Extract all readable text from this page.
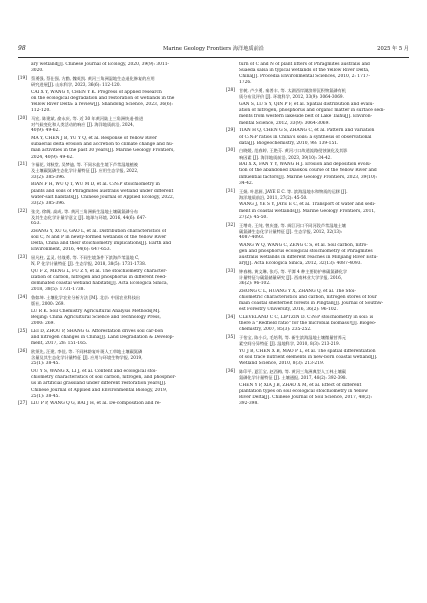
98	Marine Geology Frontiers 海洋地质前沿	2025 年 5 月
ary wetland[J]. Chinese Journal of Ecology, 2020, 39(9): 3011-
3020.
[19] 蔡勇强, 蔡仕强, 方勤, 魏英凯. 黄河三角洲湿地生态退化修复的应用
研究进展[J]. 山东科学, 2023, 36(6): 112-120.
CAI X Y, WANG Y, CHEN Y K. Progress of applied research
on the ecological degradation and restoration of wetlands in the
Yellow River Delta: a review[J]. Shandong Science, 2023, 36(6):
112-120.
[20] 马宏, 陈建斌, 俞永庆, 等. 近 30 年黄河陆上三角洲快退-推进
对气候变化和人类活动的响应 [J]. 海洋地质前沿, 2024,
40(9): 49-62.
MA Y, CHEN J B, YU Y Q, et al. Response of Yellow River
subaerial delta erosion and accretion to climate change and hu-
man activities in the past 30 years[J]. Marine Geology Frontiers,
2024, 40(9): 49-62.
[21] 卞福花, 刘秋堂, 吴梦迪, 等. 不同水盐生境下芦苇湿地植被
及土壤碳氮磷生态化学计量特征 [J]. 应用生态学报, 2022,
33(2): 385-396.
BIAN F H, WU Q T, WU M D, et al. C:N:P stoichiometry in
plants and soils of Phragmites australis wetland under different
water-salt habitats[J]. Chinese Journal of Applied Ecology, 2022,
33(2): 385-396.
[22] 张尖, 徐绸, 高成, 等. 黄河三角洲新生湿地土壤碳氮磷分布
及其生态化学计量学意义 [J]. 地球与环境, 2016, 44(6): 647-
653.
ZHANG Y, XU G, GAO L, et al. Distribution characteristics of
soil C, N and P in newly-formed wetlands of the Yellow River
Delta, China and their stoichiometry implications[J]. Earth and
Environment, 2016, 44(6): 647-653.
[23] 屈凡柱, 孟灵, 付战勇, 等. 不同生境条件下滨海芦苇湿地 C,
N, P 化学计量特征 [J]. 生态学报, 2018, 38(5): 1731-1738.
QU F Z, MENG L, FU Z Y, et al. The stoichiometry character-
ization of carbon, nitrogen and phosphorus in different reed-
dominated coastal wetland habitats[J]. Acta Ecologica Sinica,
2018, 38(5): 1731-1738.
[24] 鲁如坤. 土壤化学农业分析方法 [M]. 北京: 中国农业科技出
版社, 2000: 269.
LU R K. Soil Chemistry Agricultural Analysis Methods[M].
Beijing: China Agricultural Science and Technology Press,
2000: 269.
[25] LEI D, ZHOU P, SHANG G. Afforestation drives soil car-bon
and nitrogen changes in China[J]. Land Degradation & Develop-
ment, 2017, 28: 151-165.
[26] 欧须先, 汪建, 李佳, 等. 不同林龄复叶斑人工草地土壤碳氮磷
含量及其生态化学计量特征 [J]. 应用与环境生物学报, 2019,
25(1): 38-45.
OU Y S, WANG X, LI J, et al. Content and ecological stoi-
chiometry characteristics of soil carbon, nitrogen, and phosphor-
us in artificial grassland under different restoration years[J].
Chinese Journal of Applied and Environmental Biology, 2019,
25(1): 38-45.
[27] LIU P P, WANG Q G, BAI J H, et al. De-composition and re-
turn of C and N of plant litters of Phragmites australis and
Suaeda salsa in typical wetlands of the Yellow River Delta,
China[J]. Procedia Environmental Sciences, 2010, 2: 1717-
1726.
[28] 甘树, 卢少勇, 秦普丰, 等. 太湖西岸湖滨带沉积物氮磷有机
质分布及评价 [J]. 环境科学, 2012, 33(9): 3064-3069.
GAN S, LU S Y, QIN P F, et al. Spatial distribution and evalu-
ation of nitrogen, phosphorus and organic matter in surface sedi-
ments from western lakeside belt of Lake Taihu[J]. Environ-
mental Science, 2012, 33(9): 3064-3069.
[29] TIAN H Q, CHEN G S, ZHANG C, et al. Pattern and variation
of C:N:P ratios in China's soils: a synthesis of observational
data[J]. Biogeochemistry, 2010, 98: 139-151.
[30] 白晓媛, 范春婷, 王艳芬. 黄河刁口故道流路侵蚀演化及其影
响因素 [J]. 海洋地质前沿, 2023, 39(10): 34-42.
BAI X X, FAN Y Y, WANG H J. Erosion and deposition evolu-
tion of the abandoned Diaokou course of the Yellow River and
influential factors[J]. Marine Geology Frontiers, 2023, 39(10):
34-42.
[31] 王娟, 叶思源, JAYE E C. 等. 滨海湿地水和物质的运移 [J].
海洋地质前沿, 2011, 27(2): 45-50.
WANG J, YE S Y, JAYE E C, et al. Transport of water and sedi-
ment in coastal wetlands[J]. Marine Geology Frontiers, 2011,
27(2): 45-50.
[32] 王增奇, 王纯, 曾庆盛, 等. 闽江河口不同河段芦苇湿地土壤
碳氮磷生态化学计量特征 [J]. 生态学报, 2012, 32(13):
4087-4093.
WANG W Q, WANG C, ZENG C S, et al. Soil carbon, nitro-
gen and phosphorus ecological stoichiometry of Phragmites
australis wetlands in different reaches in Minjiang River Estu-
ary[J]. Acta Ecologica Sinica, 2012, 32(13): 4087-4093.
[33] 钟春棉, 黄文琳, 张巧, 等. 平潭 4 种主要防护林碳氮磷化学
计量特征与碳氮储量研究 [J]. 西南林业大学学报, 2016,
36(2): 96-102.
ZHONG C L, HUANG Y X, ZHANG Q, et al. The Stoi-
chiometric characteristics and carbon, nitrogen stores of four
main coastal shelterbelt forests in Pingtan[J]. Journal of Southw-
est Forestry University, 2016, 36(2): 96-102.
[34] CLEVELAND C C, LIPTZIN D. C:N:P stoichiometry in soil: is
there a "Redfield ratio" for the microbial biomass?[J]. Biogeo-
chemistry, 2007, 85(3): 235-252.
[35] 于怡宝, 陈小兵, 毛培利, 等. 新生滨海湿地土壤微量营养元
素空间分异特征 [J]. 湿地科学, 2010, 8(3): 213-219.
YU J B, CHEN X B, MAO P L, et al. The spatial differentiation
of soil trace nutrient elements in new-born coastal wetland[J].
Wetland Science, 2010, 8(3): 213-219.
[36] 陈印平, 夏江宝, 赵西梅, 等. 黄河三角洲典型人工林土壤碳
氮磷化学计量特征 [J]. 土壤通报, 2017, 48(2): 392-398.
CHEN Y P, XIA J B, ZHAO X M, et al. Effect of different
plantation types on soil ecological stoichiometry in Yellow
River Delta[J]. Chinese Journal of Soil Science, 2017, 48(2):
392-398.
